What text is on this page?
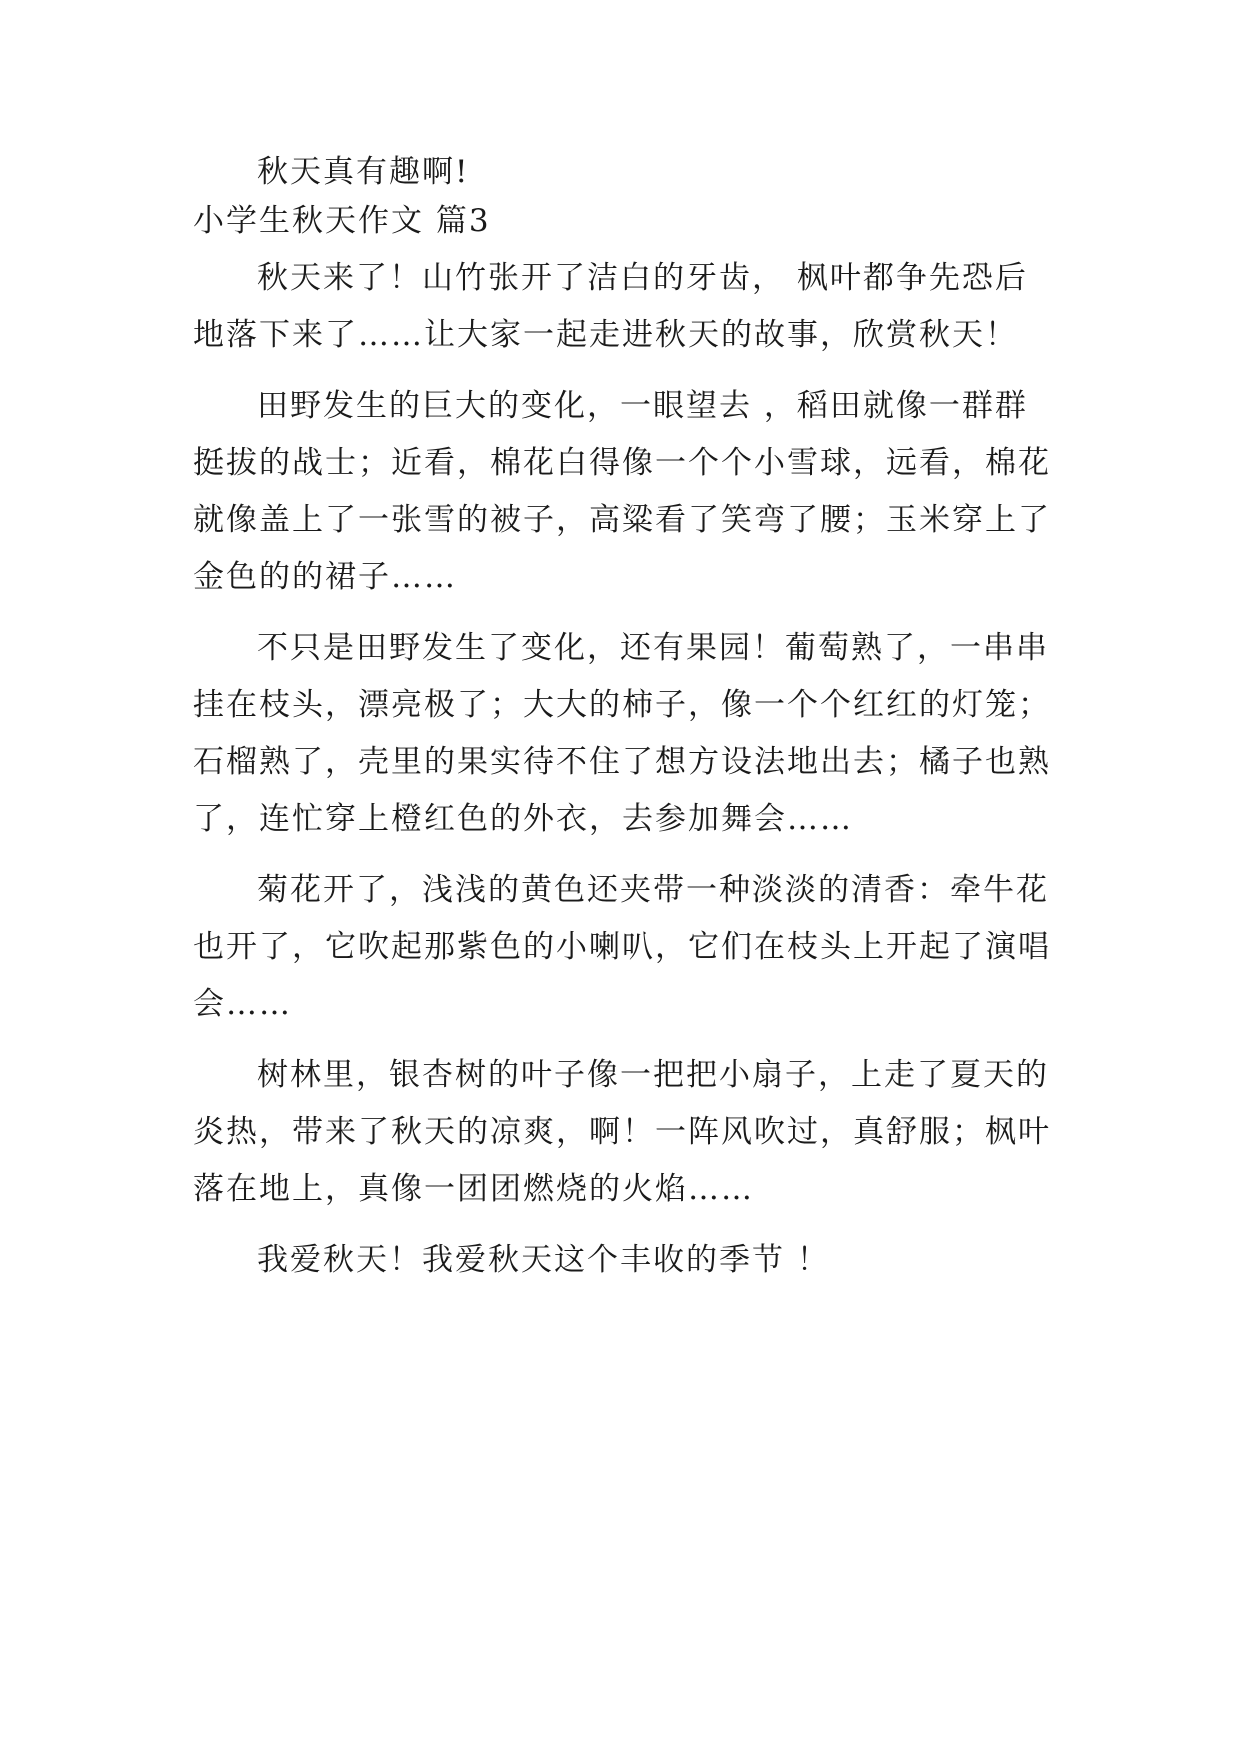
秋天真有趣啊!
小学生秋天作文 篇3
秋天来了！山竹张开了洁白的牙齿， 枫叶都争先恐后
地落下来了……让大家一起走进秋天的故事，欣赏秋天！
田野发生的巨大的变化，一眼望去 ，稻田就像一群群
挺拔的战士；近看，棉花白得像一个个小雪球，远看，棉花
就像盖上了一张雪的被子，高粱看了笑弯了腰；玉米穿上了
金色的的裙子……
不只是田野发生了变化，还有果园！葡萄熟了，一串串
挂在枝头，漂亮极了；大大的柿子，像一个个红红的灯笼；
石榴熟了，壳里的果实待不住了想方设法地出去；橘子也熟
了，连忙穿上橙红色的外衣，去参加舞会……
菊花开了，浅浅的黄色还夹带一种淡淡的清香：牵牛花
也开了，它吹起那紫色的小喇叭，它们在枝头上开起了演唱
会……
树林里，银杏树的叶子像一把把小扇子，上走了夏天的
炎热，带来了秋天的凉爽，啊！一阵风吹过，真舒服；枫叶
落在地上，真像一团团燃烧的火焰……
我爱秋天！我爱秋天这个丰收的季节 ！
